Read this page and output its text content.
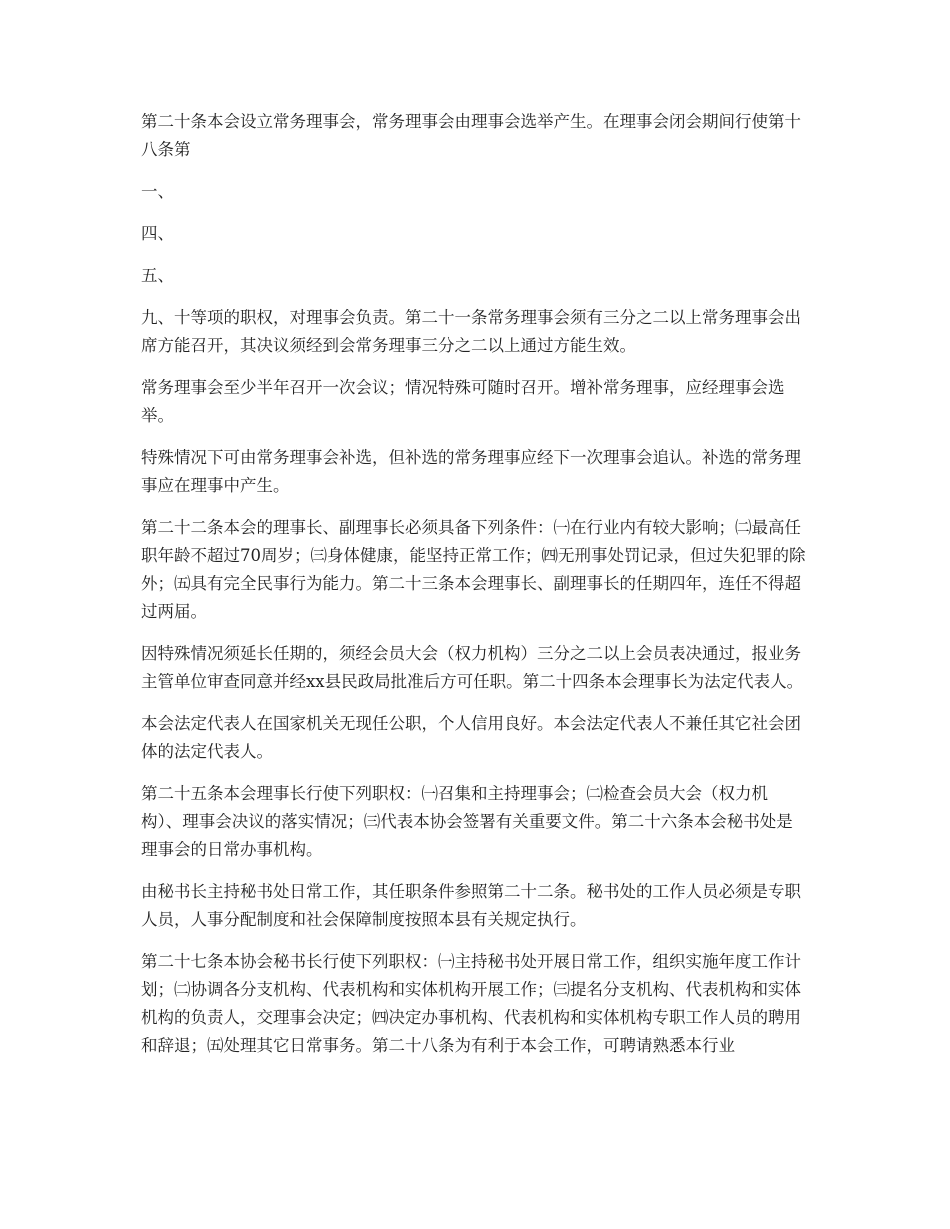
第二十条本会设立常务理事会，常务理事会由理事会选举产生。在理事会闭会期间行使第十八条第

一、

四、

五、

九、十等项的职权，对理事会负责。第二十一条常务理事会须有三分之二以上常务理事会出席方能召开，其决议须经到会常务理事三分之二以上通过方能生效。

常务理事会至少半年召开一次会议；情况特殊可随时召开。增补常务理事，应经理事会选举。

特殊情况下可由常务理事会补选，但补选的常务理事应经下一次理事会追认。补选的常务理事应在理事中产生。

第二十二条本会的理事长、副理事长必须具备下列条件：㈠在行业内有较大影响；㈡最高任职年龄不超过70周岁；㈢身体健康，能坚持正常工作；㈣无刑事处罚记录，但过失犯罪的除外；㈤具有完全民事行为能力。第二十三条本会理事长、副理事长的任期四年，连任不得超过两届。

因特殊情况须延长任期的，须经会员大会（权力机构）三分之二以上会员表决通过，报业务主管单位审查同意并经xx县民政局批准后方可任职。第二十四条本会理事长为法定代表人。

本会法定代表人在国家机关无现任公职，个人信用良好。本会法定代表人不兼任其它社会团体的法定代表人。

第二十五条本会理事长行使下列职权：㈠召集和主持理事会；㈡检查会员大会（权力机构）、理事会决议的落实情况；㈢代表本协会签署有关重要文件。第二十六条本会秘书处是理事会的日常办事机构。

由秘书长主持秘书处日常工作，其任职条件参照第二十二条。秘书处的工作人员必须是专职人员，人事分配制度和社会保障制度按照本县有关规定执行。

第二十七条本协会秘书长行使下列职权：㈠主持秘书处开展日常工作，组织实施年度工作计划；㈡协调各分支机构、代表机构和实体机构开展工作；㈢提名分支机构、代表机构和实体机构的负责人，交理事会决定；㈣决定办事机构、代表机构和实体机构专职工作人员的聘用和辞退；㈤处理其它日常事务。第二十八条为有利于本会工作，可聘请熟悉本行业
